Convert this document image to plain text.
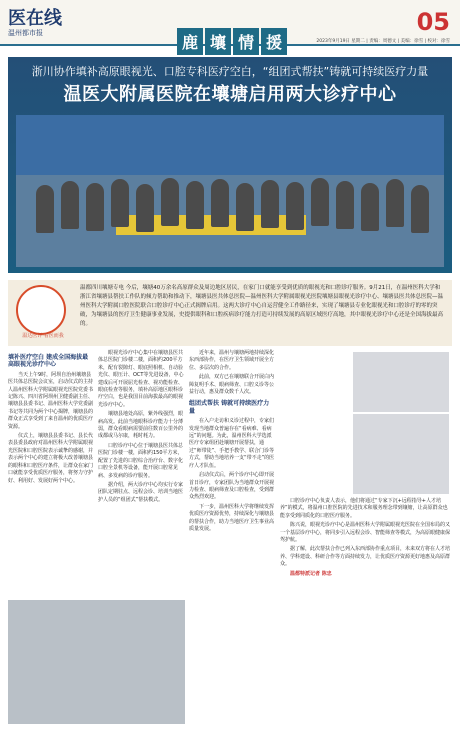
医在线
温州都市报	鹿 壤 情 援
05
2023年9月19日 星期二 | 责编：周德文 | 美编：徐雪 | 校对：徐雪
浙川协作填补高原眼视光、口腔专科医疗空白，“组团式帮扶”铸就可持续医疗力量
温医大附属医院在壤塘启用两大诊疗中心
温达医评·看医而我
温都四川壤塘专电 今后，壤塘40万余名高原群众及周边地区居民，在家门口就能享受到优质的眼视光和口腔诊疗服务。9月21日，在温州医科大学和浙江省壤塘县帮扶工作队的倾力帮助和推动下，壤塘县医共体总医院—温州医科大学附属眼视光医院壤塘县眼视光诊疗中心、壤塘县医共体总医院—温州医科大学附属口腔医院联合口腔诊疗中心正式揭牌启用。这两大诊疗中心自运营健全工作路径来，实现了壤塘县专业化眼视光和口腔诊疗的零的突破，为壤塘县的医疗卫生健康事业发展，史提供眼科和口腔疾病诊疗能力打造可持续发展的高原区域医疗高地，其中眼视光诊疗中心还是全国海拔最高的。
填补医疗空白 建成全国海拔最高眼视光诊疗中心

当天上午9时，阿坝自治州壤塘县医共体总医院会议室，启动仪式的主持人温州医科大学附属眼视光医院党委书记陈兴、四川省阿坝州卫健委副主任、壤塘县县委书记、温州医科大学党委副书记等共同为两个中心揭牌，壤塘县的群众正式享受到了来自温州的优质医疗资源。

仪式上，壤塘县县委书记、县长代表县委县政府对温州医科大学附属眼视光医院和口腔医院表示诚挚的感谢，并表示两个中心的建立将极大改善壤塘县的眼科和口腔医疗条件，让群众在家门口就能享受优质医疗服务，将努力守护好、利用好、发展好两个中心。

眼视光诊疗中心集中在壤塘县医共体总医院门诊楼二楼，面积约200平方米，配有裂隙灯、眼底照相机、自动验光仪、眼压计、OCT等先进设备，中心建成后可开展屈光检查、视功能检查、眼底检查等服务，填补高原地区眼科诊疗空白，也是我国目前海拔最高的眼视光诊疗中心。

壤塘县地处高原，紫外线强烈，眼病高发。此前当地眼科诊疗能力十分薄弱，群众看眼病需要前往数百公里外的成都或马尔康，耗时耗力。

口腔诊疗中心位于壤塘县医共体总医院门诊楼一楼，面积约150平方米，配置了先进的口腔综合治疗台、数字化口腔全景机等设备，能开展口腔常见病、多发病的诊疗服务。

据介绍，两大诊疗中心均实行专家团队定期驻点、远程会诊、培训当地医护人员的“组团式”帮扶模式。

近年来，温州与壤塘两地持续深化东西部协作，在医疗卫生领域开展全方位、多层次的合作。

此前，双方已在壤塘联合开展白内障复明手术、眼病筛查、口腔义诊等公益行动，惠及群众数千人次。

组团式帮扶 铸就可持续医疗力量

在入户走访和义诊过程中，专家们发现当地群众普遍存在“看病难、看病远”的问题。为此，温州医科大学选派医疗专家组团赴壤塘开展帮扶，通过“师带徒”、手把手教学、联合门诊等方式，帮助当地培养一支“带不走”的医疗人才队伍。

启动仪式后，两个诊疗中心即开展首日诊疗，专家团队为当地群众开展视力检查、眼病筛查及口腔检查，受到群众热烈欢迎。

下一步，温州医科大学将继续发挥优质医疗资源优势，持续深化与壤塘县的帮扶合作，助力当地医疗卫生事业高质量发展。

口腔诊疗中心负责人表示，他们将通过“专家下沉+远程指导+人才培养”的模式，将温州口腔医院的先进技术和服务理念带到壤塘，让高原群众也能享受到同质化的口腔医疗服务。

陈兴说，眼视光诊疗中心是温州医科大学附属眼视光医院在全国布局的又一个基层诊疗中心，将同步引入远程会诊、智能筛查等模式，为高原眼健康保驾护航。

据了解，此次帮扶合作已列入东西部协作重点项目，未来双方将在人才培养、学科建设、科研合作等方面持续发力，让优质医疗资源更好地惠及高原群众。

温都特派记者 陈忠
